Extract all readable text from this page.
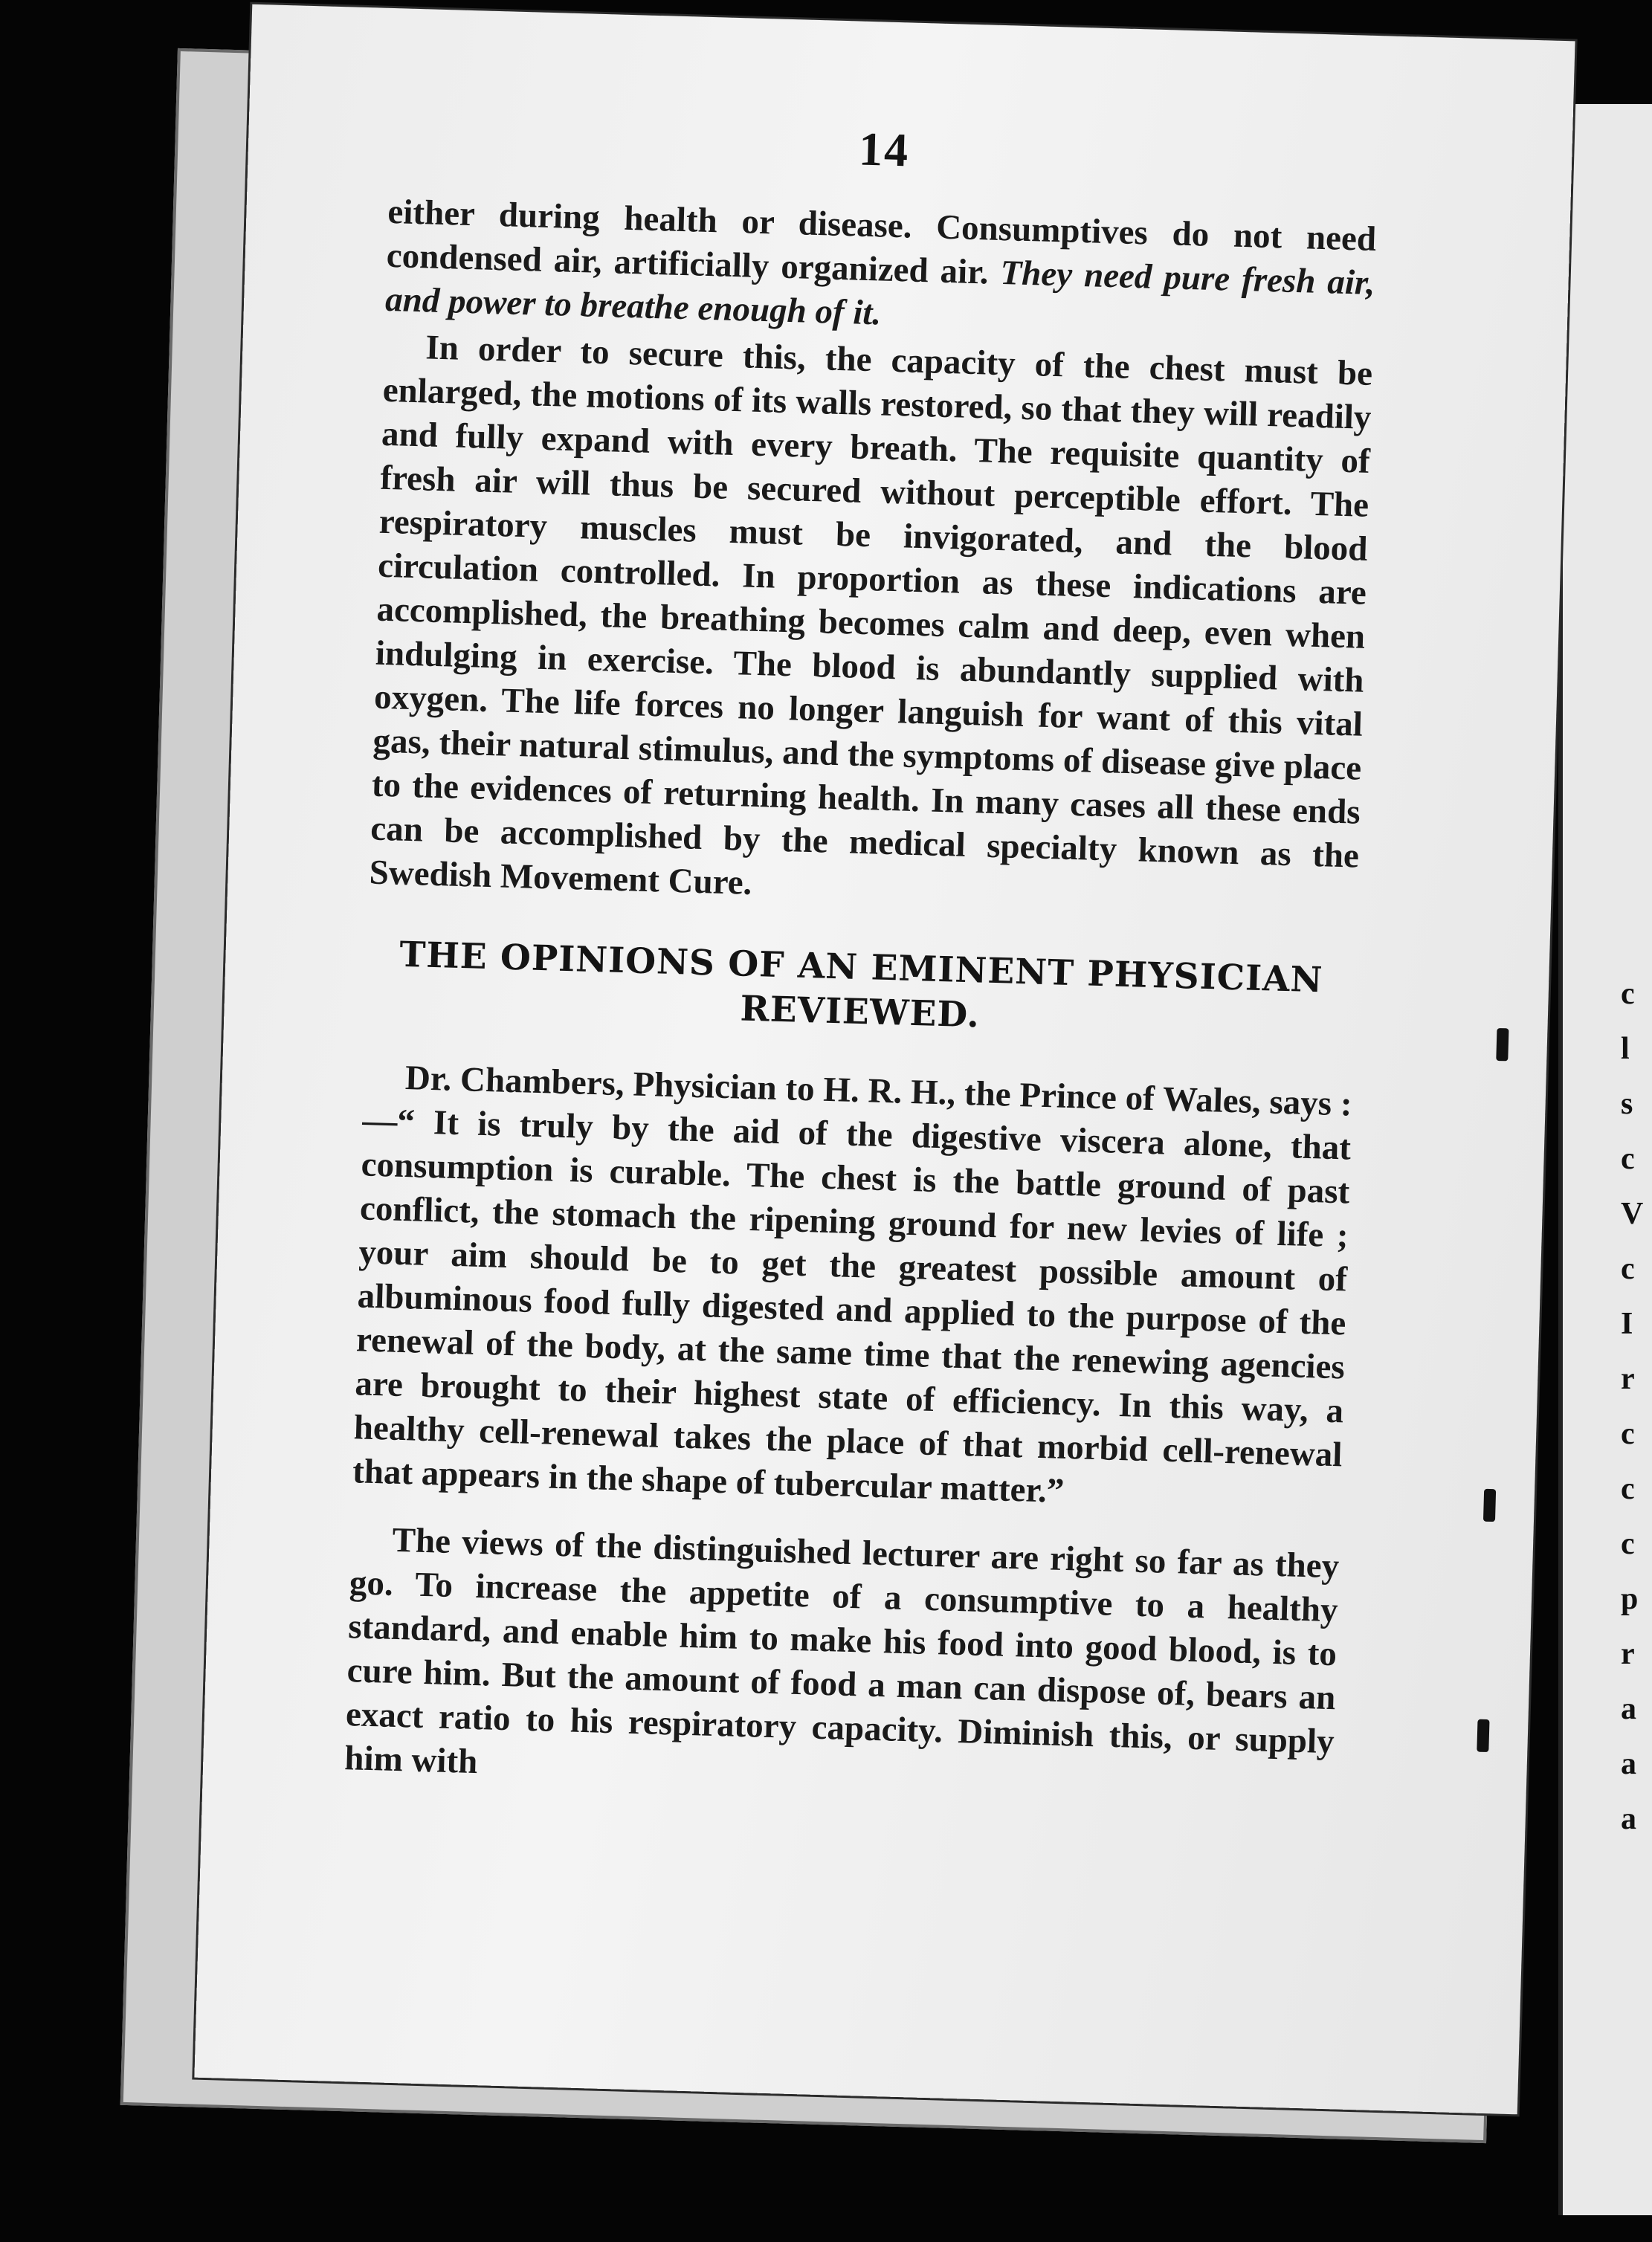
c
l
s
c
V
c
I
r
c
c
c
p
r
a
a
a
14

either during health or disease. Consumptives do not need condensed air, artificially organized air. They need pure fresh air, and power to breathe enough of it.

In order to secure this, the capacity of the chest must be enlarged, the motions of its walls restored, so that they will readily and fully expand with every breath. The requisite quantity of fresh air will thus be secured without perceptible effort. The respiratory muscles must be invigorated, and the blood circulation controlled. In proportion as these indications are accomplished, the breathing becomes calm and deep, even when indulging in exercise. The blood is abundantly supplied with oxygen. The life forces no longer languish for want of this vital gas, their natural stimulus, and the symptoms of disease give place to the evidences of returning health. In many cases all these ends can be accomplished by the medical specialty known as the Swedish Movement Cure.

THE OPINIONS OF AN EMINENT PHYSICIAN REVIEWED.

Dr. Chambers, Physician to H. R. H., the Prince of Wales, says :—“ It is truly by the aid of the digestive viscera alone, that consumption is curable. The chest is the battle ground of past conflict, the stomach the ripening ground for new levies of life ; your aim should be to get the greatest possible amount of albuminous food fully digested and applied to the purpose of the renewal of the body, at the same time that the renewing agencies are brought to their highest state of efficiency. In this way, a healthy cell-renewal takes the place of that morbid cell-renewal that appears in the shape of tubercular matter.”

The views of the distinguished lecturer are right so far as they go. To increase the appetite of a consumptive to a healthy standard, and enable him to make his food into good blood, is to cure him. But the amount of food a man can dispose of, bears an exact ratio to his respiratory capacity. Diminish this, or supply him with
